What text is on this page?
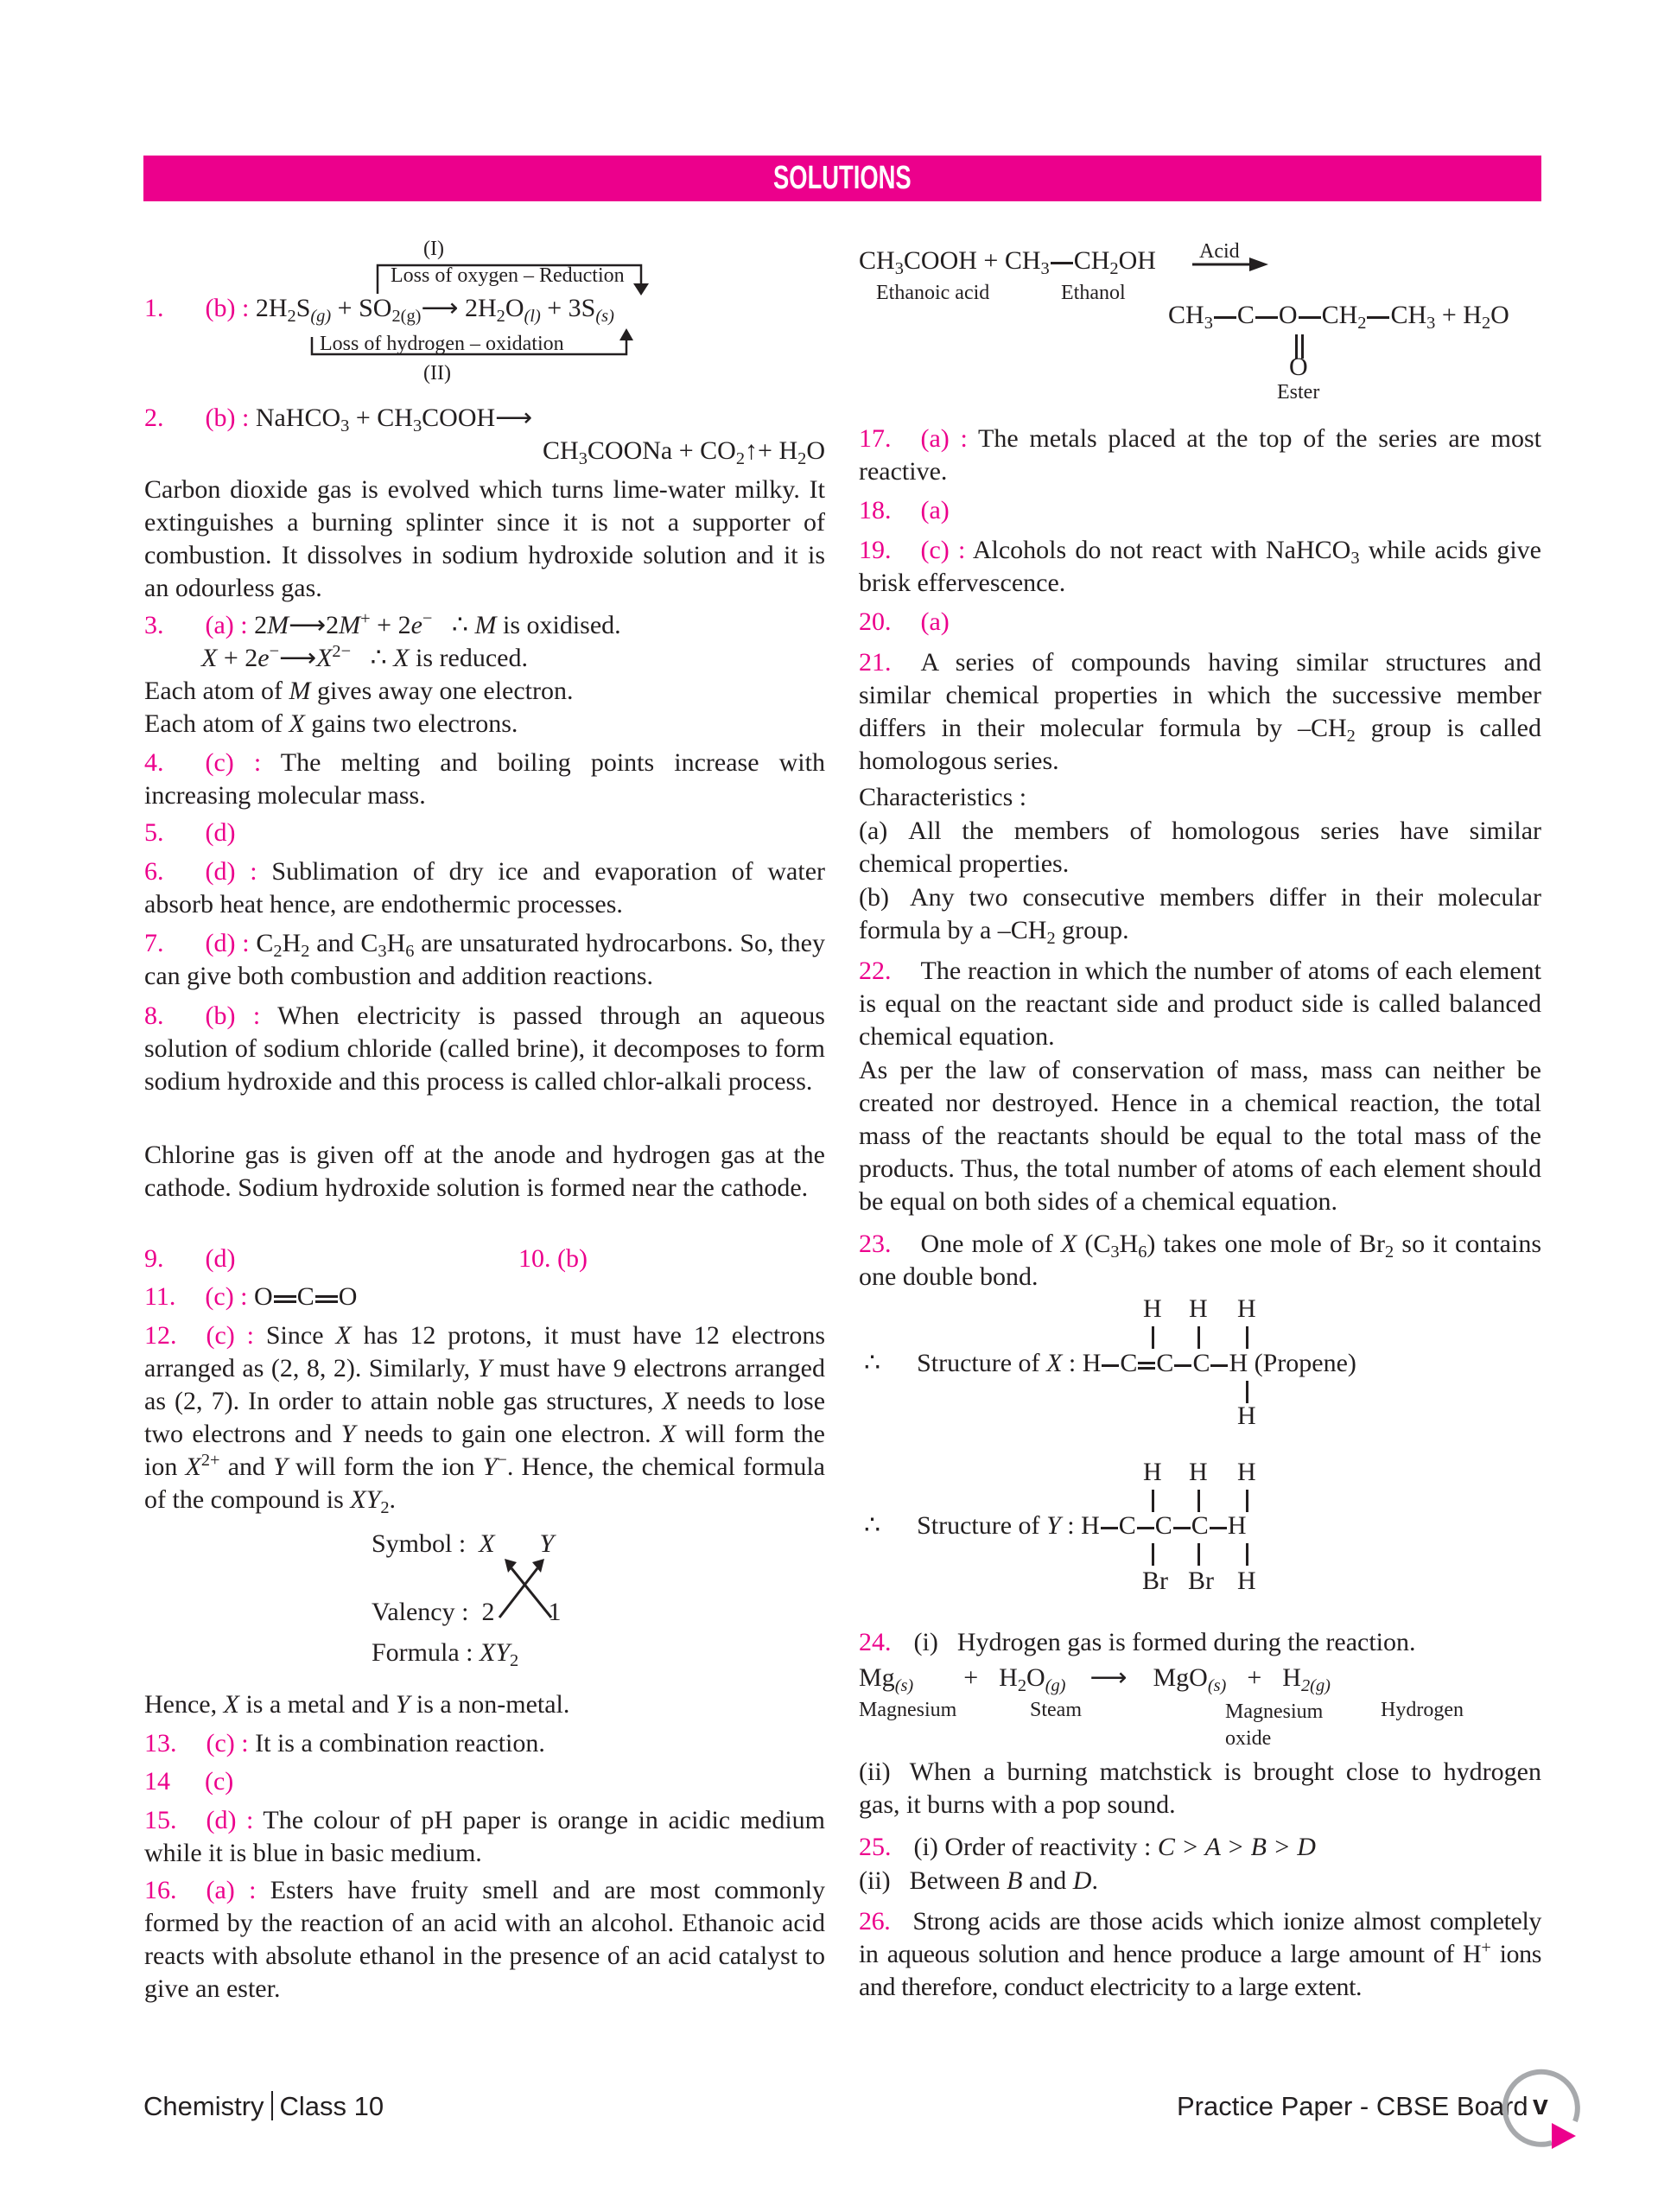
SOLUTIONS
(I)
Loss of oxygen – Reduction
1. (b) : $2H_2S_{(g)}$ + $SO_{2(g)}⟶$ $2H_2O_{(l)} + 3S_{(s)}$
Loss of hydrogen – oxidation
(II)
2. (b) : NaHCO$_3$ + $CH_3COOH⟶$
$CH_3COONa$ + $CO_2↑+ H_2O$
Carbon dioxide gas is evolved which turns lime-water milky. It extinguishes a burning splinter since it is not a supporter of combustion. It dissolves in sodium hydroxide solution and it is an odourless gas.
3. (a) : 2M⟶2M+ + 2e− ∴ M is oxidised.
$X + 2e^-⟶X^{2-}$ ∴ X is reduced.
Each atom of M gives away one electron.
Each atom of X gains two electrons.
4. (c) : The melting and boiling points increase with increasing molecular mass.
5. (d)
6. (d) : Sublimation of dry ice and evaporation of water absorb heat hence, are endothermic processes.
7. (d) : $C_2H_2$ and $C_3H_6$ are unsaturated hydrocarbons. So, they can give both combustion and addition reactions.
8. (b) : When electricity is passed through an aqueous solution of sodium chloride (called brine), it decomposes to form sodium hydroxide and this process is called chlor-alkali process.
Chlorine gas is given off at the anode and hydrogen gas at the cathode. Sodium hydroxide solution is formed near the cathode.
9. (d)	10. (b)
11. (c) : O C O
12. (c) : Since X has 12 protons, it must have 12 electrons arranged as (2, 8, 2). Similarly, Y must have 9 electrons arranged as (2, 7). In order to attain noble gas structures, X needs to lose two electrons and Y needs to gain one electron. X will form the ion $X^{2+}$ and Y will form the ion Y−. Hence, the chemical formula of the compound is $XY_2$.
Symbol : X Y
Valency : 2 1
Formula : $XY_2$
Hence, X is a metal and Y is a non-metal.
13. (c) : It is a combination reaction.
14 (c)
15. (d) : The colour of pH paper is orange in acidic medium while it is blue in basic medium.
16. (a) : Esters have fruity smell and are most commonly formed by the reaction of an acid with an alcohol. Ethanoic acid reacts with absolute ethanol in the presence of an acid catalyst to give an ester.
$CH_3COOH + CH_3$ $CH_2OH$ Acid
Ethanoic acid	Ethanol
$CH_3$ C O $CH_2$ $CH_3 + H_2O$
O
Ester
17. (a) : The metals placed at the top of the series are most reactive.
18. (a)
19. (c) : Alcohols do not react with NaHCO$_3$ while acids give brisk effervescence.
20. (a)
21. A series of compounds having similar structures and similar chemical properties in which the successive member differs in their molecular formula by $-CH_2$ group is called homologous series.
Characteristics :
(a) All the members of homologous series have similar chemical properties.
(b) Any two consecutive members differ in their molecular formula by a $-CH_2$ group.
22. The reaction in which the number of atoms of each element is equal on the reactant side and product side is called balanced chemical equation.
As per the law of conservation of mass, mass can neither be created nor destroyed. Hence in a chemical reaction, the total mass of the reactants should be equal to the total mass of the products. Thus, the total number of atoms of each element should be equal on both sides of a chemical equation.
23. One mole of X $(C_3H_6)$ takes one mole of $Br_2$ so it contains one double bond.
H H H
∴ Structure of X : H C C C H (Propene)
H
H H H
∴ Structure of Y : H C C C H
Br Br H
24. (i) Hydrogen gas is formed during the reaction.
$Mg_{(s)} + H_2O_{(g)}$ ⟶ $MgO_{(s)} + H_{2(g)}$
Magnesium	Steam	Magnesium
oxide
Hydrogen
(ii) When a burning matchstick is brought close to hydrogen gas, it burns with a pop sound.
25. (i) Order of reactivity : C > A > B > D
(ii) Between B and D.
26. Strong acids are those acids which ionize almost completely in aqueous solution and hence produce a large amount of H+ ions and therefore, conduct electricity to a large extent.
Chemistry Class 10	Practice Paper - CBSE Board v
